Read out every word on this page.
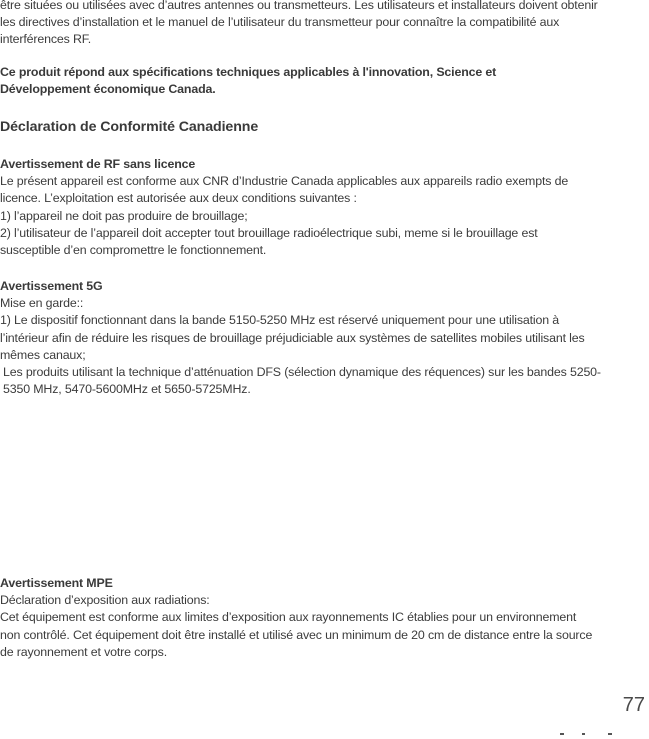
être situées ou utilisées avec d’autres antennes ou transmetteurs. Les utilisateurs et installateurs doivent obtenir
les directives d’installation et le manuel de l’utilisateur du transmetteur pour connaître la compatibilité aux
interférences RF.
Ce produit répond aux spécifications techniques applicables à l'innovation, Science et
Développement économique Canada.
Déclaration de Conformité Canadienne
Avertissement de RF sans licence
Le présent appareil est conforme aux CNR d’Industrie Canada applicables aux appareils radio exempts de
licence. L’exploitation est autorisée aux deux conditions suivantes :
1) l’appareil ne doit pas produire de brouillage;
2) l’utilisateur de l’appareil doit accepter tout brouillage radioélectrique subi, meme si le brouillage est
susceptible d’en compromettre le fonctionnement.
Avertissement 5G
Mise en garde::
1) Le dispositif fonctionnant dans la bande 5150-5250 MHz est réservé uniquement pour une utilisation à
l’intérieur afin de réduire les risques de brouillage préjudiciable aux systèmes de satellites mobiles utilisant les
mêmes canaux;
Les produits utilisant la technique d’atténuation DFS (sélection dynamique des réquences) sur les bandes 5250-
5350 MHz, 5470-5600MHz et 5650-5725MHz.
Avertissement MPE
Déclaration d’exposition aux radiations:
Cet équipement est conforme aux limites d’exposition aux rayonnements IC établies pour un environnement
non contrôlé. Cet équipement doit être installé et utilisé avec un minimum de 20 cm de distance entre la source
de rayonnement et votre corps.
77
